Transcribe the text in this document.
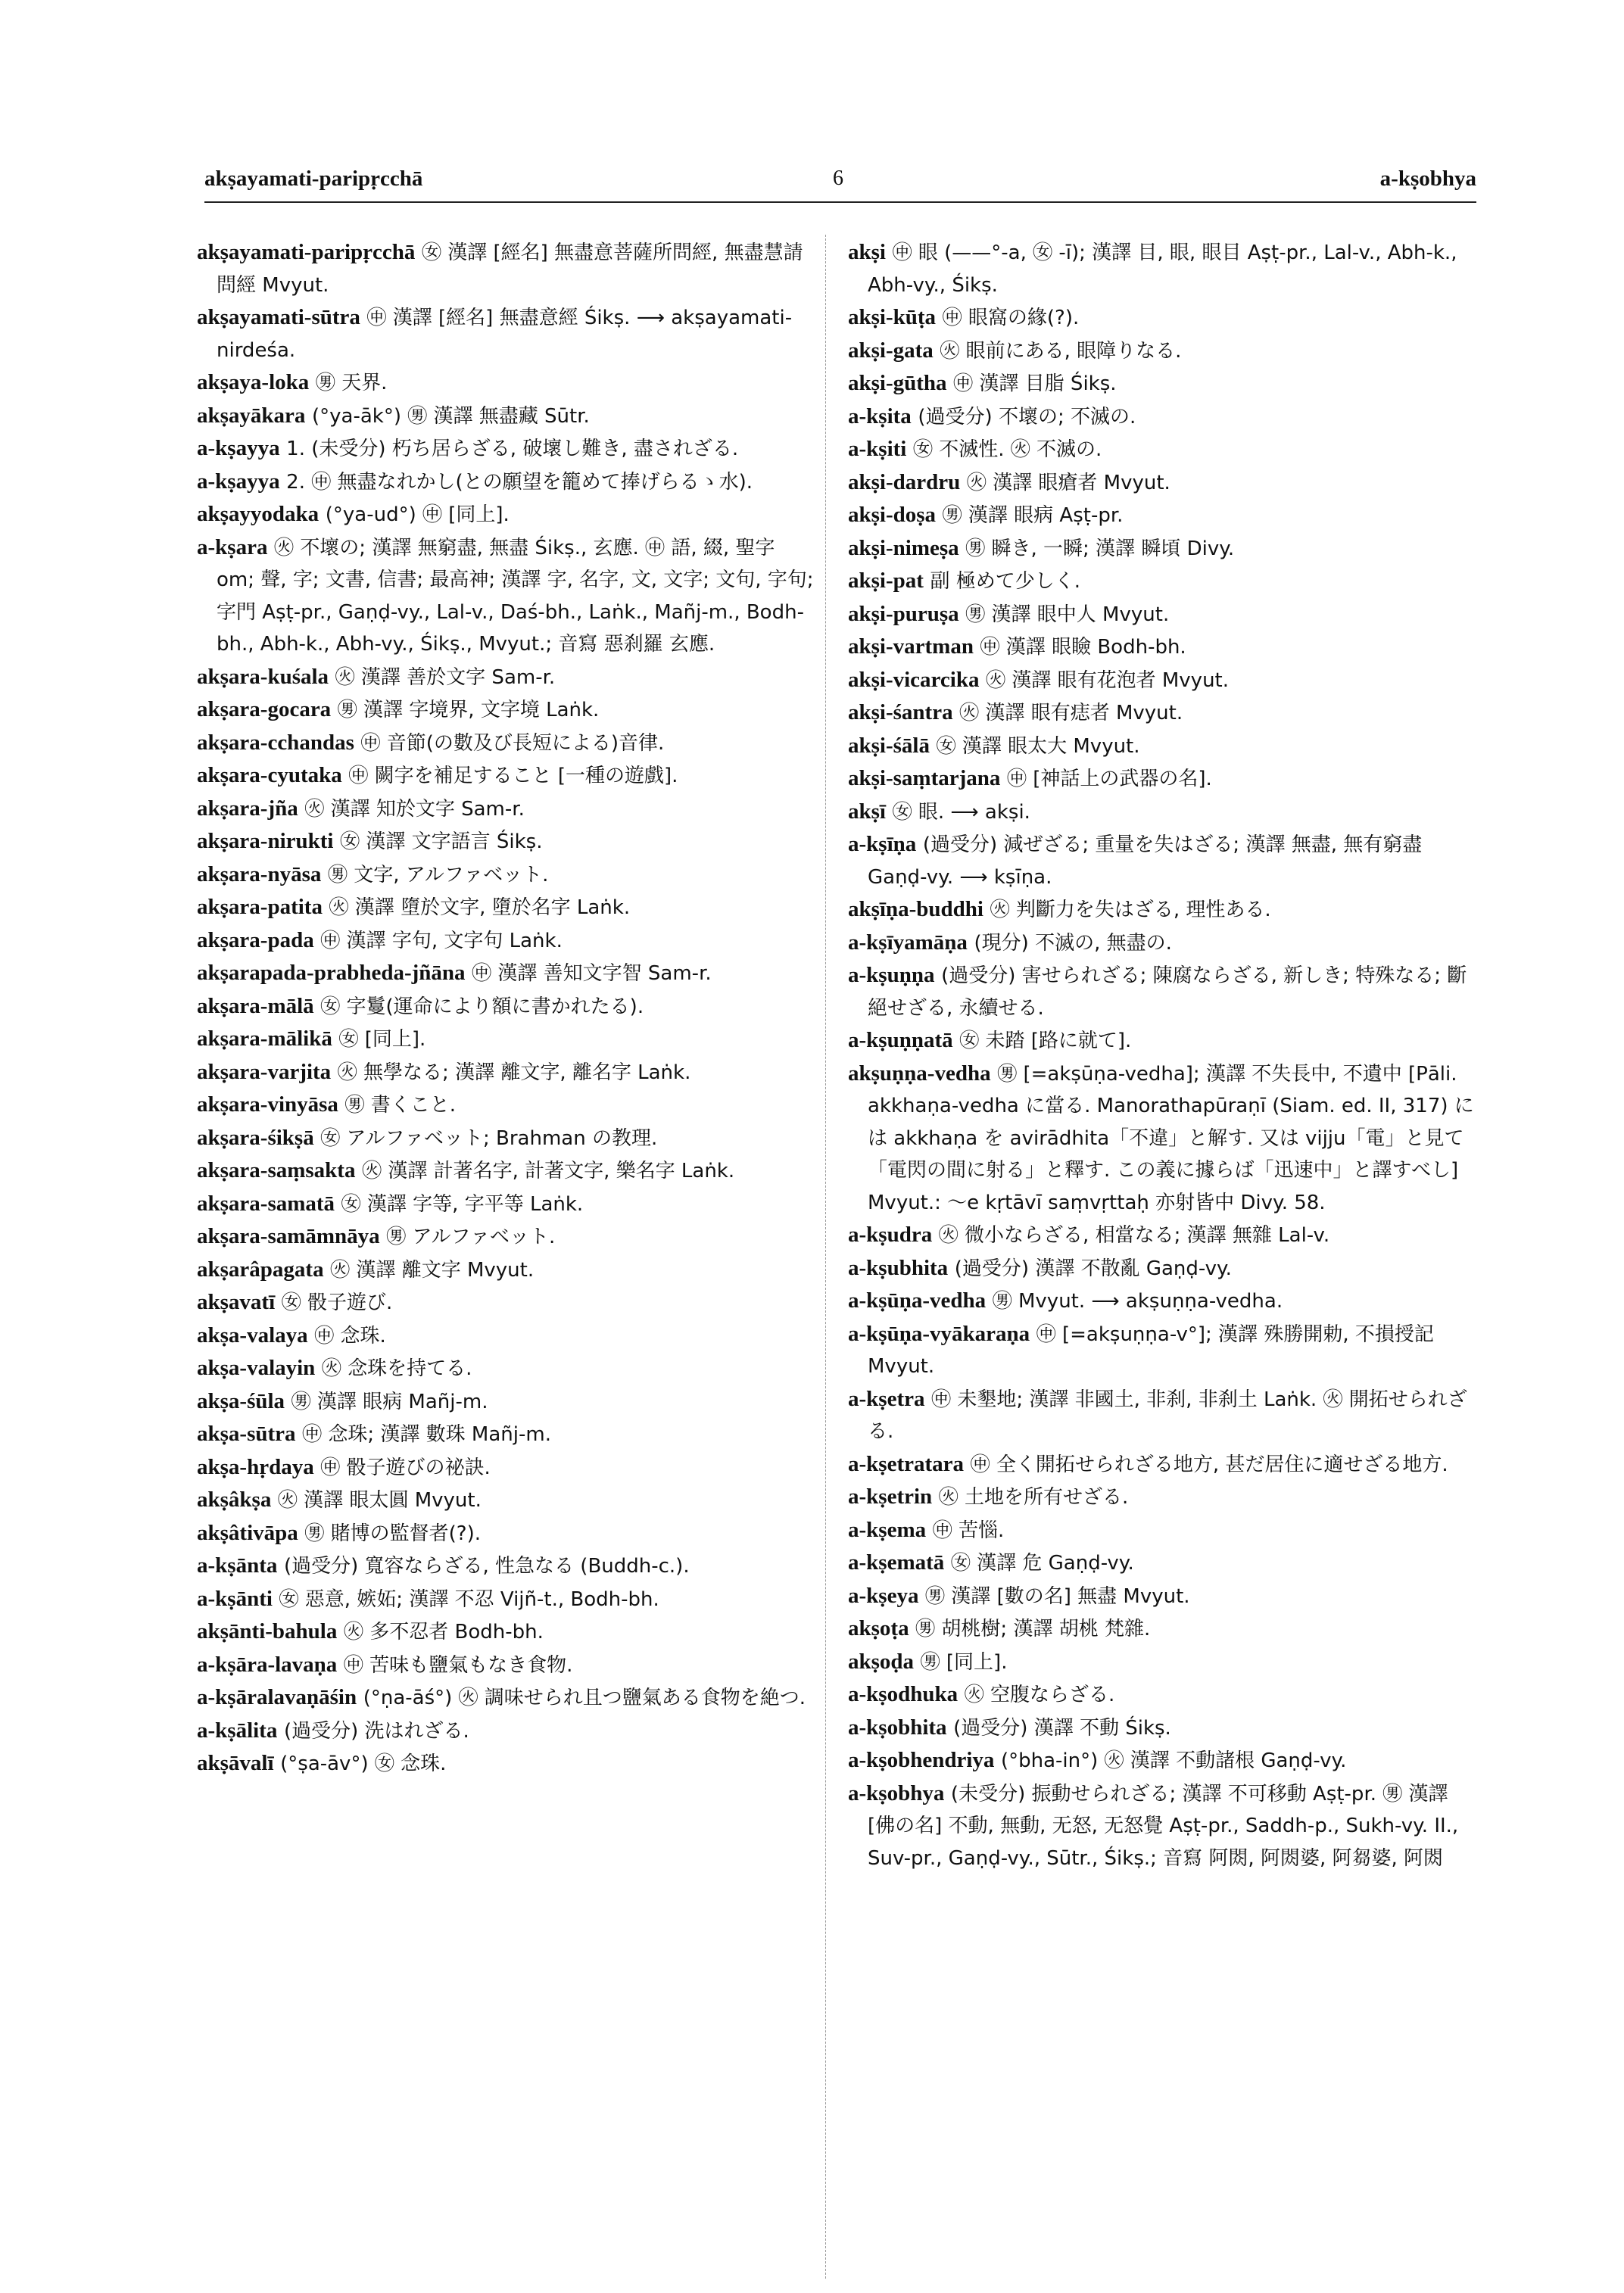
akṣayamati-paripṛcchā	6	a-kṣobhya

akṣayamati-paripṛcchā ㊛ 漢譯 [經名] 無盡意菩薩所問經, 無盡慧請問經 Mvyut.

akṣayamati-sūtra ㊥ 漢譯 [經名] 無盡意經 Śikṣ. ⟶ akṣayamati-nirdeśa.

akṣaya-loka ㊚ 天界.

akṣayākara (°ya-āk°) ㊚ 漢譯 無盡藏 Sūtr.

a-kṣayya 1. (未受分) 朽ち居らざる, 破壞し難き, 盡されざる.

a-kṣayya 2. ㊥ 無盡なれかし(との願望を籠めて捧げらるゝ水).

akṣayyodaka (°ya-ud°) ㊥ [同上].

a-kṣara ㊋ 不壞の; 漢譯 無窮盡, 無盡 Śikṣ., 玄應. ㊥ 語, 綴, 聖字 om; 聲, 字; 文書, 信書; 最高神; 漢譯 字, 名字, 文, 文字; 文句, 字句; 字門 Aṣṭ-pr., Gaṇḍ-vy., Lal-v., Daś-bh., Laṅk., Mañj-m., Bodh-bh., Abh-k., Abh-vy., Śikṣ., Mvyut.; 音寫 惡刹羅 玄應.

akṣara-kuśala ㊋ 漢譯 善於文字 Sam-r.

akṣara-gocara ㊚ 漢譯 字境界, 文字境 Laṅk.

akṣara-cchandas ㊥ 音節(の數及び長短による)音律.

akṣara-cyutaka ㊥ 闕字を補足すること [一種の遊戲].

akṣara-jña ㊋ 漢譯 知於文字 Sam-r.

akṣara-nirukti ㊛ 漢譯 文字語言 Śikṣ.

akṣara-nyāsa ㊚ 文字, アルファベット.

akṣara-patita ㊋ 漢譯 墮於文字, 墮於名字 Laṅk.

akṣara-pada ㊥ 漢譯 字句, 文字句 Laṅk.

akṣarapada-prabheda-jñāna ㊥ 漢譯 善知文字智 Sam-r.

akṣara-mālā ㊛ 字鬘(運命により額に書かれたる).

akṣara-mālikā ㊛ [同上].

akṣara-varjita ㊋ 無學なる; 漢譯 離文字, 離名字 Laṅk.

akṣara-vinyāsa ㊚ 書くこと.

akṣara-śikṣā ㊛ アルファベット; Brahman の教理.

akṣara-saṃsakta ㊋ 漢譯 計著名字, 計著文字, 樂名字 Laṅk.

akṣara-samatā ㊛ 漢譯 字等, 字平等 Laṅk.

akṣara-samāmnāya ㊚ アルファベット.

akṣarâpagata ㊋ 漢譯 離文字 Mvyut.

akṣavatī ㊛ 骰子遊び.

akṣa-valaya ㊥ 念珠.

akṣa-valayin ㊋ 念珠を持てる.

akṣa-śūla ㊚ 漢譯 眼病 Mañj-m.

akṣa-sūtra ㊥ 念珠; 漢譯 數珠 Mañj-m.

akṣa-hṛdaya ㊥ 骰子遊びの祕訣.

akṣâkṣa ㊋ 漢譯 眼太圓 Mvyut.

akṣâtivāpa ㊚ 賭博の監督者(?).

a-kṣānta (過受分) 寬容ならざる, 性急なる (Buddh-c.).

a-kṣānti ㊛ 惡意, 嫉妬; 漢譯 不忍 Vijñ-t., Bodh-bh.

akṣānti-bahula ㊋ 多不忍者 Bodh-bh.

a-kṣāra-lavaṇa ㊥ 苦味も鹽氣もなき食物.

a-kṣāralavaṇāśin (°ṇa-āś°) ㊋ 調味せられ且つ鹽氣ある食物を絶つ.

a-kṣālita (過受分) 洗はれざる.

akṣāvalī (°ṣa-āv°) ㊛ 念珠.

akṣi ㊥ 眼 (——°-a, ㊛ -ī); 漢譯 目, 眼, 眼目 Aṣṭ-pr., Lal-v., Abh-k., Abh-vy., Śikṣ.

akṣi-kūṭa ㊥ 眼窩の緣(?).

akṣi-gata ㊋ 眼前にある, 眼障りなる.

akṣi-gūtha ㊥ 漢譯 目脂 Śikṣ.

a-kṣita (過受分) 不壞の; 不滅の.

a-kṣiti ㊛ 不滅性. ㊋ 不滅の.

akṣi-dardru ㊋ 漢譯 眼瘡者 Mvyut.

akṣi-doṣa ㊚ 漢譯 眼病 Aṣṭ-pr.

akṣi-nimeṣa ㊚ 瞬き, 一瞬; 漢譯 瞬頃 Divy.

akṣi-pat 副 極めて少しく.

akṣi-puruṣa ㊚ 漢譯 眼中人 Mvyut.

akṣi-vartman ㊥ 漢譯 眼瞼 Bodh-bh.

akṣi-vicarcika ㊋ 漢譯 眼有花泡者 Mvyut.

akṣi-śantra ㊋ 漢譯 眼有痣者 Mvyut.

akṣi-śālā ㊛ 漢譯 眼太大 Mvyut.

akṣi-saṃtarjana ㊥ [神話上の武器の名].

akṣī ㊛ 眼. ⟶ akṣi.

a-kṣīṇa (過受分) 減ぜざる; 重量を失はざる; 漢譯 無盡, 無有窮盡 Gaṇḍ-vy. ⟶ kṣīṇa.

akṣīṇa-buddhi ㊋ 判斷力を失はざる, 理性ある.

a-kṣīyamāṇa (現分) 不滅の, 無盡の.

a-kṣuṇṇa (過受分) 害せられざる; 陳腐ならざる, 新しき; 特殊なる; 斷絕せざる, 永續せる.

a-kṣuṇṇatā ㊛ 未踏 [路に就て].

akṣuṇṇa-vedha ㊚ [=akṣūṇa-vedha]; 漢譯 不失長中, 不遺中 [Pāli. akkhaṇa-vedha に當る. Manorathapūraṇī (Siam. ed. II, 317) には akkhaṇa を avirādhita「不違」と解す. 又は vijju「電」と見て「電閃の間に射る」と釋す. この義に據らば「迅速中」と譯すべし] Mvyut.: ～e kṛtāvī saṃvṛttaḥ 亦射皆中 Divy. 58.

a-kṣudra ㊋ 微小ならざる, 相當なる; 漢譯 無雜 Lal-v.

a-kṣubhita (過受分) 漢譯 不散亂 Gaṇḍ-vy.

a-kṣūṇa-vedha ㊚ Mvyut. ⟶ akṣuṇṇa-vedha.

a-kṣūṇa-vyākaraṇa ㊥ [=akṣuṇṇa-v°]; 漢譯 殊勝開勅, 不損授記 Mvyut.

a-kṣetra ㊥ 未墾地; 漢譯 非國土, 非刹, 非刹土 Laṅk. ㊋ 開拓せられざる.

a-kṣetratara ㊥ 全く開拓せられざる地方, 甚だ居住に適せざる地方.

a-kṣetrin ㊋ 土地を所有せざる.

a-kṣema ㊥ 苦惱.

a-kṣematā ㊛ 漢譯 危 Gaṇḍ-vy.

a-kṣeya ㊚ 漢譯 [數の名] 無盡 Mvyut.

akṣoṭa ㊚ 胡桃樹; 漢譯 胡桃 梵雜.

akṣoḍa ㊚ [同上].

a-kṣodhuka ㊋ 空腹ならざる.

a-kṣobhita (過受分) 漢譯 不動 Śikṣ.

a-kṣobhendriya (°bha-in°) ㊋ 漢譯 不動諸根 Gaṇḍ-vy.

a-kṣobhya (未受分) 振動せられざる; 漢譯 不可移動 Aṣṭ-pr. ㊚ 漢譯 [佛の名] 不動, 無動, 无怒, 无怒覺 Aṣṭ-pr., Saddh-p., Sukh-vy. II., Suv-pr., Gaṇḍ-vy., Sūtr., Śikṣ.; 音寫 阿閦, 阿閦婆, 阿芻婆, 阿閦
